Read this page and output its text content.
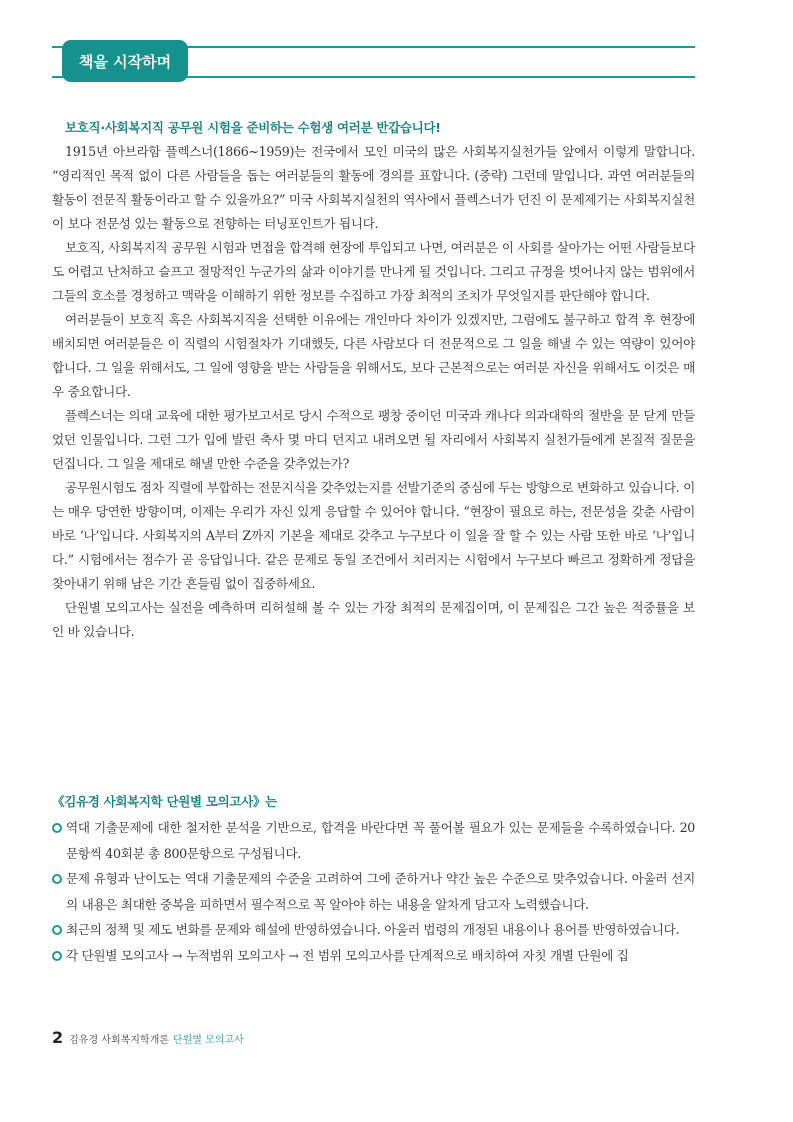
책을 시작하며
보호직·사회복지직 공무원 시험을 준비하는 수험생 여러분 반갑습니다!

1915년 아브라함 플렉스너(1866~1959)는 전국에서 모인 미국의 많은 사회복지실천가들 앞에서 이렇게 말합니다. “영리적인 목적 없이 다른 사람들을 돕는 여러분들의 활동에 경의를 표합니다. (중략) 그런데 말입니다. 과연 여러분들의 활동이 전문직 활동이라고 할 수 있을까요?” 미국 사회복지실천의 역사에서 플렉스너가 던진 이 문제제기는 사회복지실천이 보다 전문성 있는 활동으로 전향하는 터닝포인트가 됩니다.

보호직, 사회복지직 공무원 시험과 면접을 합격해 현장에 투입되고 나면, 여러분은 이 사회를 살아가는 어떤 사람들보다도 어렵고 난처하고 슬프고 절망적인 누군가의 삶과 이야기를 만나게 될 것입니다. 그리고 규정을 벗어나지 않는 범위에서 그들의 호소를 경청하고 맥락을 이해하기 위한 정보를 수집하고 가장 최적의 조치가 무엇일지를 판단해야 합니다.

여러분들이 보호직 혹은 사회복지직을 선택한 이유에는 개인마다 차이가 있겠지만, 그럼에도 불구하고 합격 후 현장에 배치되면 여러분들은 이 직렬의 시험절차가 기대했듯, 다른 사람보다 더 전문적으로 그 일을 해낼 수 있는 역량이 있어야 합니다. 그 일을 위해서도, 그 일에 영향을 받는 사람들을 위해서도, 보다 근본적으로는 여러분 자신을 위해서도 이것은 매우 중요합니다.

플렉스너는 의대 교육에 대한 평가보고서로 당시 수적으로 팽창 중이던 미국과 캐나다 의과대학의 절반을 문 닫게 만들었던 인물입니다. 그런 그가 입에 발린 축사 몇 마디 던지고 내려오면 될 자리에서 사회복지 실천가들에게 본질적 질문을 던집니다. 그 일을 제대로 해낼 만한 수준을 갖추었는가?

공무원시험도 점차 직렬에 부합하는 전문지식을 갖추었는지를 선발기준의 중심에 두는 방향으로 변화하고 있습니다. 이는 매우 당연한 방향이며, 이제는 우리가 자신 있게 응답할 수 있어야 합니다. “현장이 필요로 하는, 전문성을 갖춘 사람이 바로 ‘나’입니다. 사회복지의 A부터 Z까지 기본을 제대로 갖추고 누구보다 이 일을 잘 할 수 있는 사람 또한 바로 ‘나’입니다.” 시험에서는 점수가 곧 응답입니다. 같은 문제로 동일 조건에서 치러지는 시험에서 누구보다 빠르고 정확하게 정답을 찾아내기 위해 남은 기간 흔들림 없이 집중하세요.

단원별 모의고사는 실전을 예측하며 리허설해 볼 수 있는 가장 최적의 문제집이며, 이 문제집은 그간 높은 적중률을 보인 바 있습니다.

《김유경 사회복지학 단원별 모의고사》는
역대 기출문제에 대한 철저한 분석을 기반으로, 합격을 바란다면 꼭 풀어볼 필요가 있는 문제들을 수록하였습니다. 20문항씩 40회분 총 800문항으로 구성됩니다.
문제 유형과 난이도는 역대 기출문제의 수준을 고려하여 그에 준하거나 약간 높은 수준으로 맞추었습니다. 아울러 선지의 내용은 최대한 중복을 피하면서 필수적으로 꼭 알아야 하는 내용을 알차게 담고자 노력했습니다.
최근의 정책 및 제도 변화를 문제와 해설에 반영하였습니다. 아울러 법령의 개정된 내용이나 용어를 반영하였습니다.
각 단원별 모의고사 → 누적범위 모의고사 → 전 범위 모의고사를 단계적으로 배치하여 자칫 개별 단원에 집
2 김유경 사회복지학개론 단원별 모의고사
